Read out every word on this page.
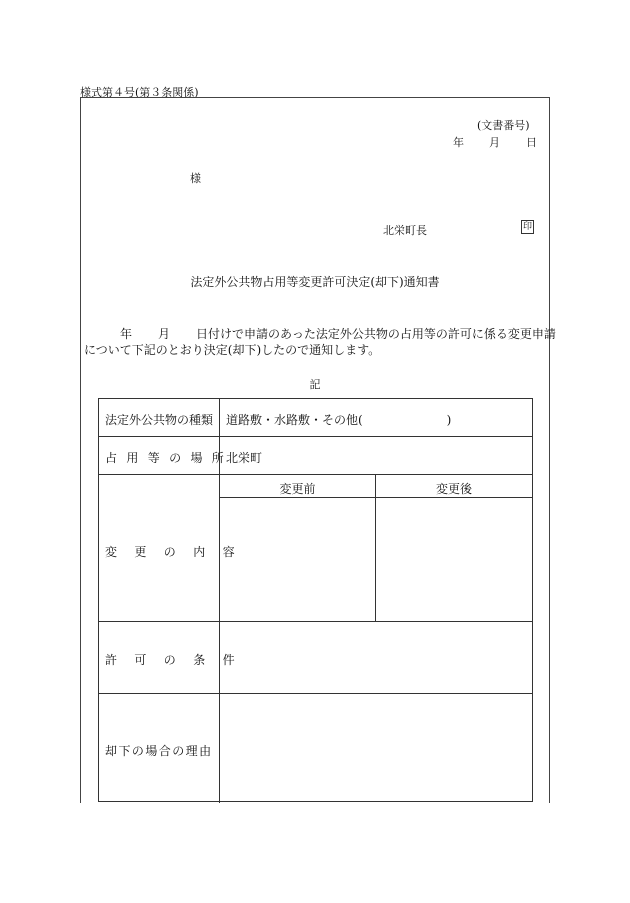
様式第４号(第３条関係)
(文書番号)
年 月 日
様
北栄町長	印
法定外公共物占用等変更許可決定(却下)通知書
年 月 日付けで申請のあった法定外公共物の占用等の許可に係る変更申請
について下記のとおり決定(却下)したので通知します。
記
法定外公共物の種類 道路敷・水路敷・その他(　　　　　　　)
占用等の場所
北栄町
変更前	変更後
変更の内容
許可の条件
却下の場合の理由
